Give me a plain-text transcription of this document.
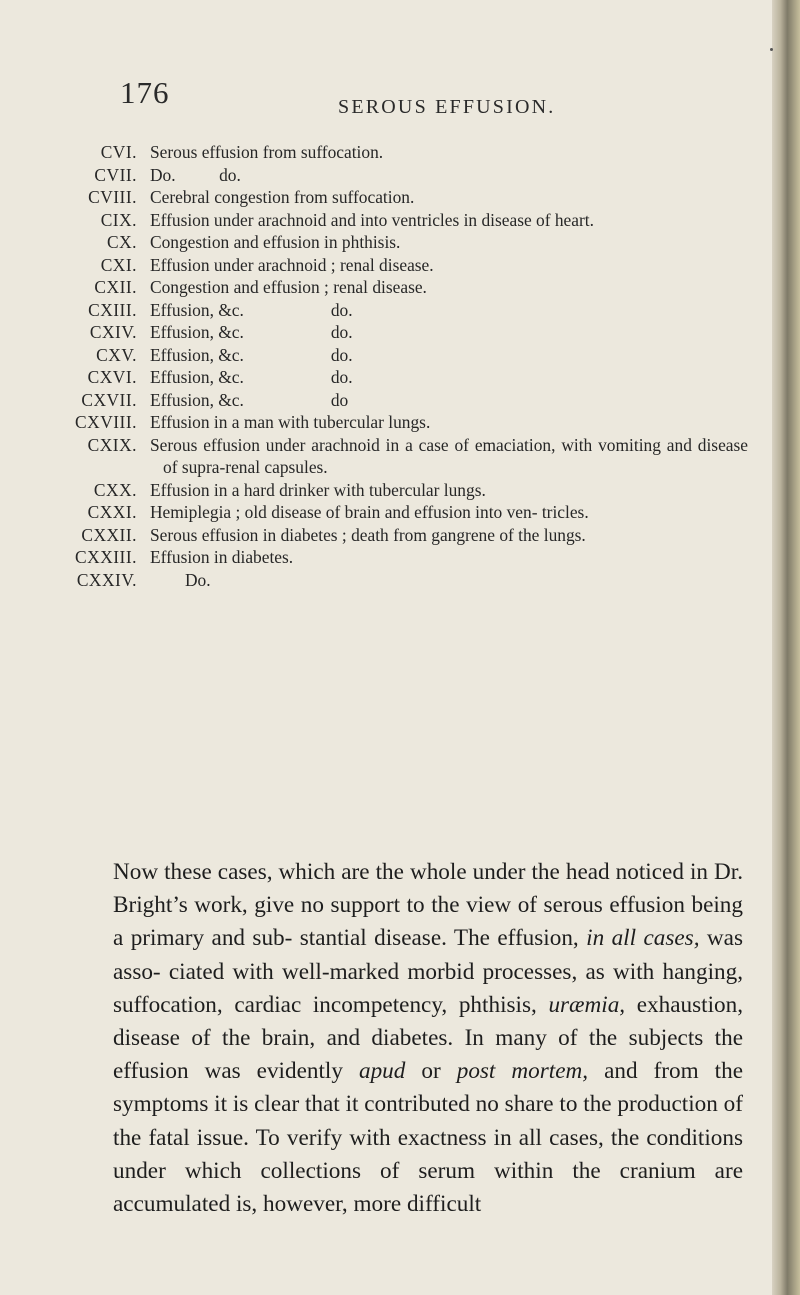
176	SEROUS EFFUSION.
CVI. Serous effusion from suffocation.
CVII. Do.          do.
CVIII. Cerebral congestion from suffocation.
CIX. Effusion under arachnoid and into ventricles in disease of heart.
CX. Congestion and effusion in phthisis.
CXI. Effusion under arachnoid ; renal disease.
CXII. Congestion and effusion ; renal disease.
CXIII. Effusion, &c.                    do.
CXIV. Effusion, &c.                    do.
CXV. Effusion, &c.                    do.
CXVI. Effusion, &c.                    do.
CXVII. Effusion, &c.                    do
CXVIII. Effusion in a man with tubercular lungs.
CXIX. Serous effusion under arachnoid in a case of emaciation, with vomiting and disease of supra-renal capsules.
CXX. Effusion in a hard drinker with tubercular lungs.
CXXI. Hemiplegia ; old disease of brain and effusion into ven- tricles.
CXXII. Serous effusion in diabetes ; death from gangrene of the lungs.
CXXIII. Effusion in diabetes.
CXXIV.	Do.
Now these cases, which are the whole under the head noticed in Dr. Bright’s work, give no support to the view of serous effusion being a primary and sub- stantial disease. The effusion, in all cases, was asso- ciated with well-marked morbid processes, as with hanging, suffocation, cardiac incompetency, phthisis, uræmia, exhaustion, disease of the brain, and diabetes. In many of the subjects the effusion was evidently apud or post mortem, and from the symptoms it is clear that it contributed no share to the production of the fatal issue. To verify with exactness in all cases, the conditions under which collections of serum within the cranium are accumulated is, however, more difficult
